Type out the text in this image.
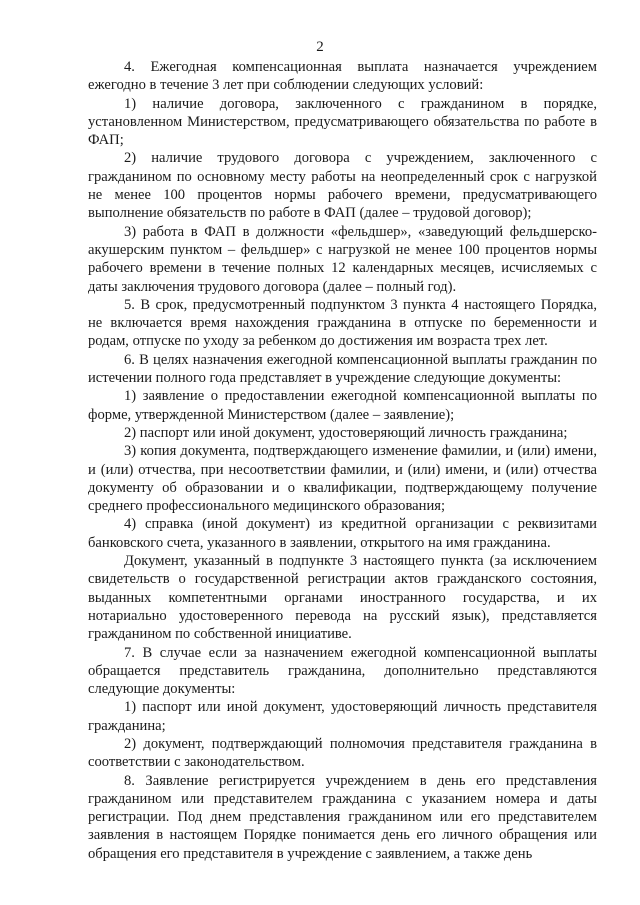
2

4. Ежегодная компенсационная выплата назначается учреждением ежегодно в течение 3 лет при соблюдении следующих условий:

1) наличие договора, заключенного с гражданином в порядке, установленном Министерством, предусматривающего обязательства по работе в ФАП;

2) наличие трудового договора с учреждением, заключенного с гражданином по основному месту работы на неопределенный срок с нагрузкой не менее 100 процентов нормы рабочего времени, предусматривающего выполнение обязательств по работе в ФАП (далее – трудовой договор);

3) работа в ФАП в должности «фельдшер», «заведующий фельдшерско-акушерским пунктом – фельдшер» с нагрузкой не менее 100 процентов нормы рабочего времени в течение полных 12 календарных месяцев, исчисляемых с даты заключения трудового договора (далее – полный год).

5. В срок, предусмотренный подпунктом 3 пункта 4 настоящего Порядка, не включается время нахождения гражданина в отпуске по беременности и родам, отпуске по уходу за ребенком до достижения им возраста трех лет.

6. В целях назначения ежегодной компенсационной выплаты гражданин по истечении полного года представляет в учреждение следующие документы:

1) заявление о предоставлении ежегодной компенсационной выплаты по форме, утвержденной Министерством (далее – заявление);

2) паспорт или иной документ, удостоверяющий личность гражданина;

3) копия документа, подтверждающего изменение фамилии, и (или) имени, и (или) отчества, при несоответствии фамилии, и (или) имени, и (или) отчества документу об образовании и о квалификации, подтверждающему получение среднего профессионального медицинского образования;

4) справка (иной документ) из кредитной организации с реквизитами банковского счета, указанного в заявлении, открытого на имя гражданина.

Документ, указанный в подпункте 3 настоящего пункта (за исключением свидетельств о государственной регистрации актов гражданского состояния, выданных компетентными органами иностранного государства, и их нотариально удостоверенного перевода на русский язык), представляется гражданином по собственной инициативе.

7. В случае если за назначением ежегодной компенсационной выплаты обращается представитель гражданина, дополнительно представляются следующие документы:

1) паспорт или иной документ, удостоверяющий личность представителя гражданина;

2) документ, подтверждающий полномочия представителя гражданина в соответствии с законодательством.

8. Заявление регистрируется учреждением в день его представления гражданином или представителем гражданина с указанием номера и даты регистрации. Под днем представления гражданином или его представителем заявления в настоящем Порядке понимается день его личного обращения или обращения его представителя в учреждение с заявлением, а также день
